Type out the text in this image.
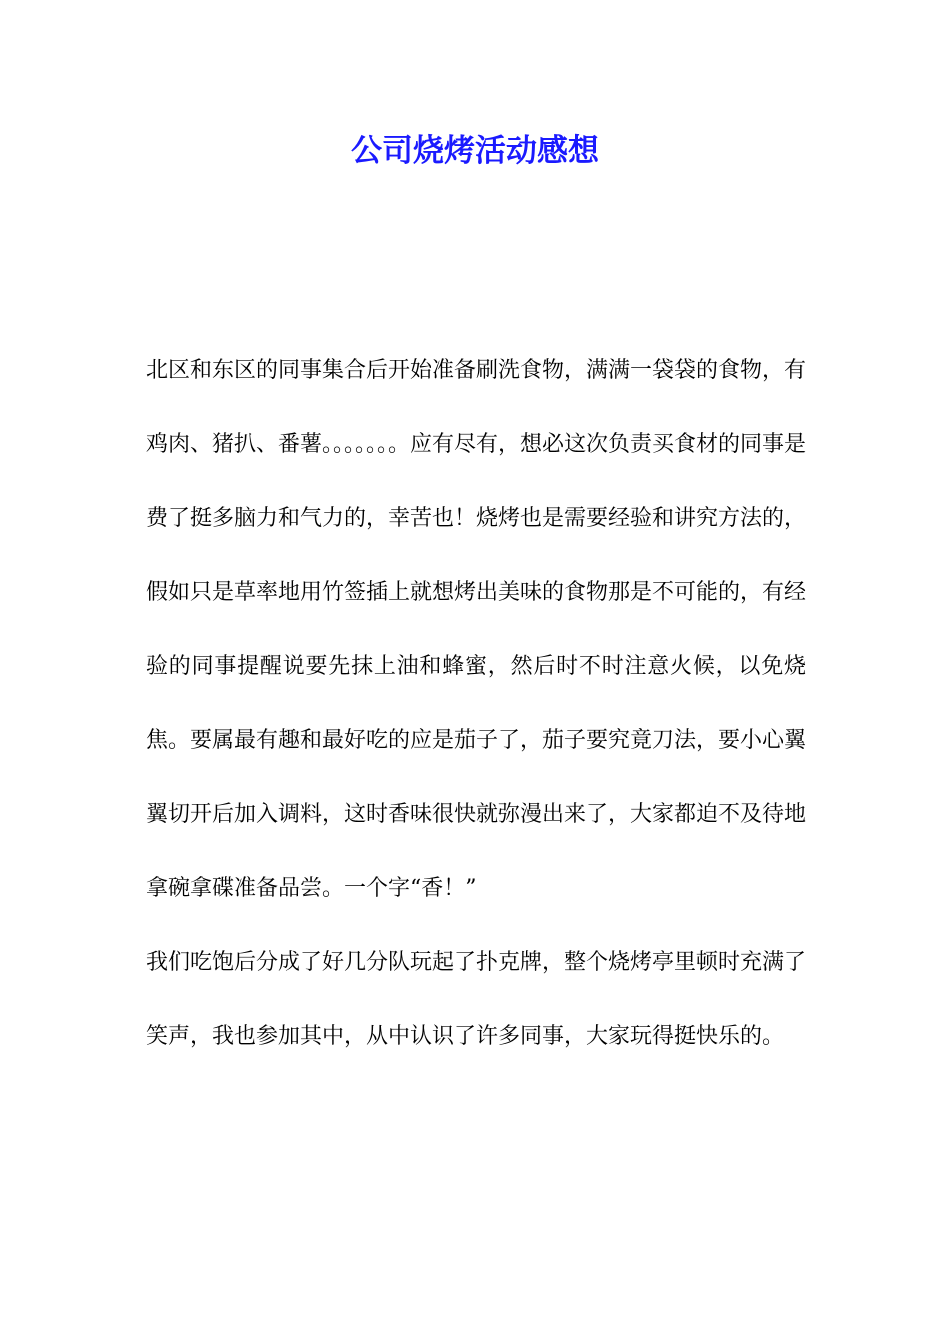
公司烧烤活动感想

北区和东区的同事集合后开始准备刷洗食物，满满一袋袋的食物，有鸡肉、猪扒、番薯。。。。。。。应有尽有，想必这次负责买食材的同事是费了挺多脑力和气力的，幸苦也！烧烤也是需要经验和讲究方法的，假如只是草率地用竹签插上就想烤出美味的食物那是不可能的，有经验的同事提醒说要先抹上油和蜂蜜，然后时不时注意火候，以免烧焦。要属最有趣和最好吃的应是茄子了，茄子要究竟刀法，要小心翼翼切开后加入调料，这时香味很快就弥漫出来了，大家都迫不及待地拿碗拿碟准备品尝。一个字“香！”

我们吃饱后分成了好几分队玩起了扑克牌，整个烧烤亭里顿时充满了笑声，我也参加其中，从中认识了许多同事，大家玩得挺快乐的。
